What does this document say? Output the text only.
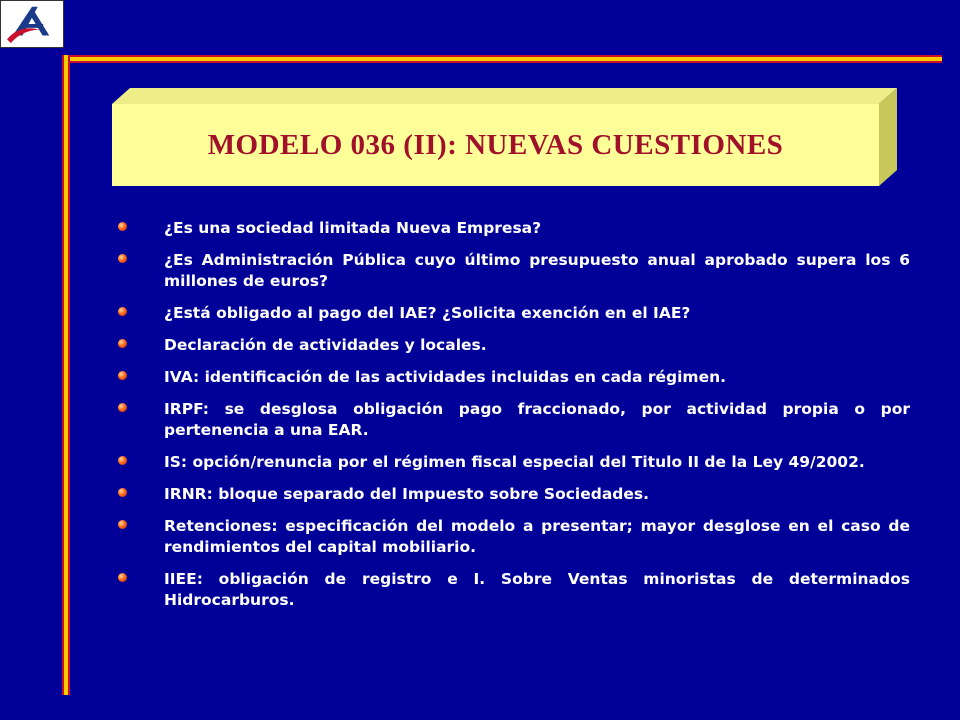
MODELO 036 (II): NUEVAS CUESTIONES
¿Es una sociedad limitada Nueva Empresa?
¿Es Administración Pública cuyo último presupuesto anual aprobado supera los 6 millones de euros?
¿Está obligado al pago del IAE? ¿Solicita exención en el IAE?
Declaración de actividades y locales.
IVA: identificación de las actividades incluidas en cada régimen.
IRPF: se desglosa obligación pago fraccionado, por actividad propia o por pertenencia a una EAR.
IS: opción/renuncia por el régimen fiscal especial del Titulo II de la Ley 49/2002.
IRNR: bloque separado del Impuesto sobre Sociedades.
Retenciones: especificación del modelo a presentar; mayor desglose en el caso de rendimientos del capital mobiliario.
IIEE: obligación de registro e I. Sobre Ventas minoristas de determinados Hidrocarburos.
